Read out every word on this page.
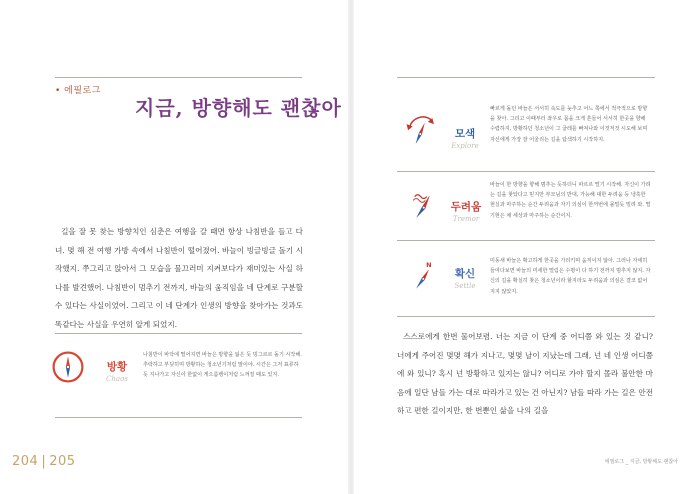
• 에필로그
지금, 방향해도 괜찮아

길을 잘 못 찾는 방향치인 심춘은 여행을 갈 때면 항상 나침반을 들고 다녀. 몇 해 전 여행 가방 속에서 나침반이 떨어졌어. 바늘이 빙글빙글 돌기 시작했지. 쭈그리고 앉아서 그 모습을 물끄러미 지켜보다가 재미있는 사실 하나를 발견했어. 나침반이 멈추기 전까지, 바늘의 움직임을 네 단계로 구분할 수 있다는 사실이었어. 그리고 이 네 단계가 인생의 방향을 찾아가는 것과도 똑같다는 사실을 우연히 알게 되었지.

방황
Chaos
나침반이 바닥에 떨어지면 바늘은 방향을 잃은 듯 빙그르르 돌기 시작해. 추락하고 부딪히며 방황하는 청소년기처럼 말이야. 시간은 그저 표류하듯 지나가고 자신이 한없이 게으름뱅이처럼 느껴질 때도 있지.
204 | 205
모색
Explore
빠르게 돌던 바늘은 서서히 속도를 늦추고 어느 쪽에서 적극적으로 방향을 찾아. 그리고 이때부터 좌우로 몸을 크게 흔들어 서서히 한곳을 향해 수렴하지. 방황하던 청소년이 그 굴레를 빠져나와 이것저것 시도해 보며 자신에게 가장 잘 어울리는 길을 탐색하기 시작하지.
두려움
Tremor
바늘이 한 방향을 향해 멈추는 듯하더니 파르르 떨기 시작해. 자신이 가려는 길을 찾았다고 믿지만 부모님의 반대, 가능해 대한 두려움 등 냉혹한 현실과 마주하는 순간 두려움과 자기 의심이 한꺼번에 몰밀듯 밀려 와. 떨기현은 채 세상과 마주하는 순간이지.
N
확신
Settle
미동새 바늘은 확고하게 한곳을 가리키며 움직이지 않아. 그러나 자세히 들여다보면 바늘의 미세한 떨림은 수평이 다 하기 전까지 멈추지 않지. 자신의 길을 확실히 찾은 청소년이라 할지라도 두려움과 의심은 결코 없어지지 않았지.

스스로에게 한번 물어보렴. 너는 지금 이 단계 중 어디쯤 와 있는 것 같니? 너에게 주어진 몇몇 해가 지나고, 몇몇 날이 지났는데 그래, 넌 네 인생 어디쯤에 와 있니? 혹시 넌 방황하고 있지는 않니? 어디로 가야 할지 몰라 불안한 마음에 일단 남들 가는 대로 따라가고 있는 건 아닌지? 남들 따라 가는 길은 안전하고 편한 길이지만, 한 번뿐인 삶을 나의 길을

에필로그 _ 지금, 방황해도 괜찮아
